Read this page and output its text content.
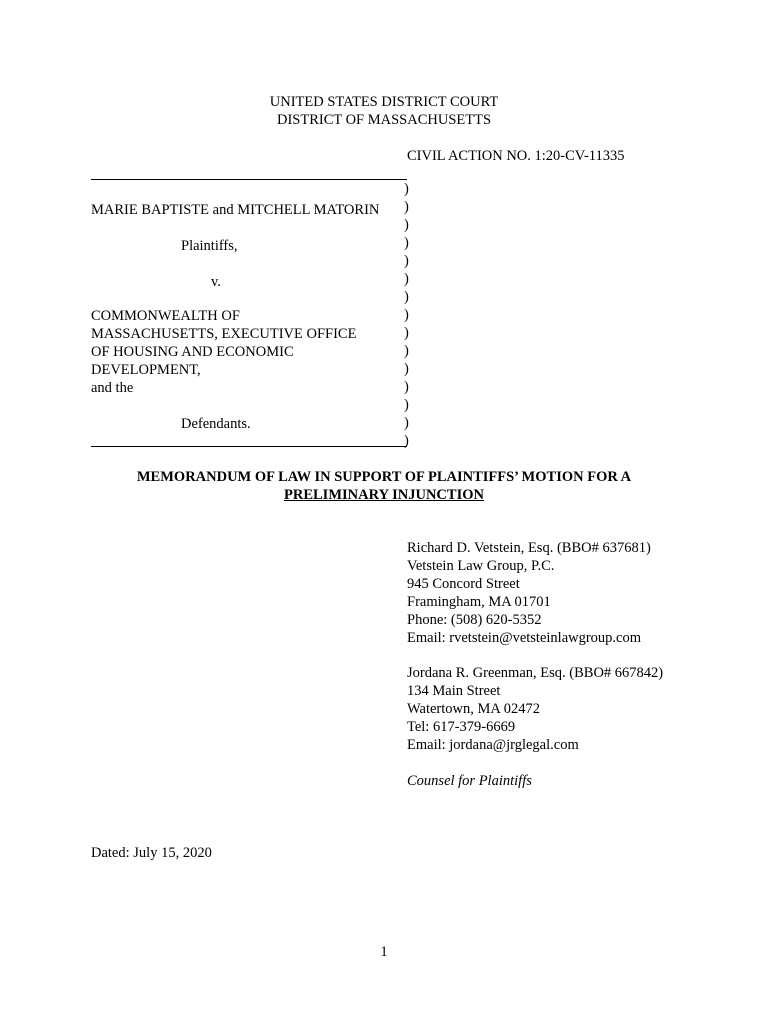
UNITED STATES DISTRICT COURT
DISTRICT OF MASSACHUSETTS
CIVIL ACTION NO. 1:20-CV-11335
MARIE BAPTISTE and MITCHELL MATORIN
Plaintiffs,
v.
COMMONWEALTH OF
MASSACHUSETTS, EXECUTIVE OFFICE
OF HOUSING AND ECONOMIC
DEVELOPMENT,
and the
Defendants.
)
)
)
)
)
)
)
)
)
)
)
)
)
)
)
MEMORANDUM OF LAW IN SUPPORT OF PLAINTIFFS’ MOTION FOR A
PRELIMINARY INJUNCTION
Richard D. Vetstein, Esq. (BBO# 637681)
Vetstein Law Group, P.C.
945 Concord Street
Framingham, MA 01701
Phone: (508) 620-5352
Email: rvetstein@vetsteinlawgroup.com
Jordana R. Greenman, Esq. (BBO# 667842)
134 Main Street
Watertown, MA 02472
Tel: 617-379-6669
Email: jordana@jrglegal.com
Counsel for Plaintiffs
Dated: July 15, 2020
1
